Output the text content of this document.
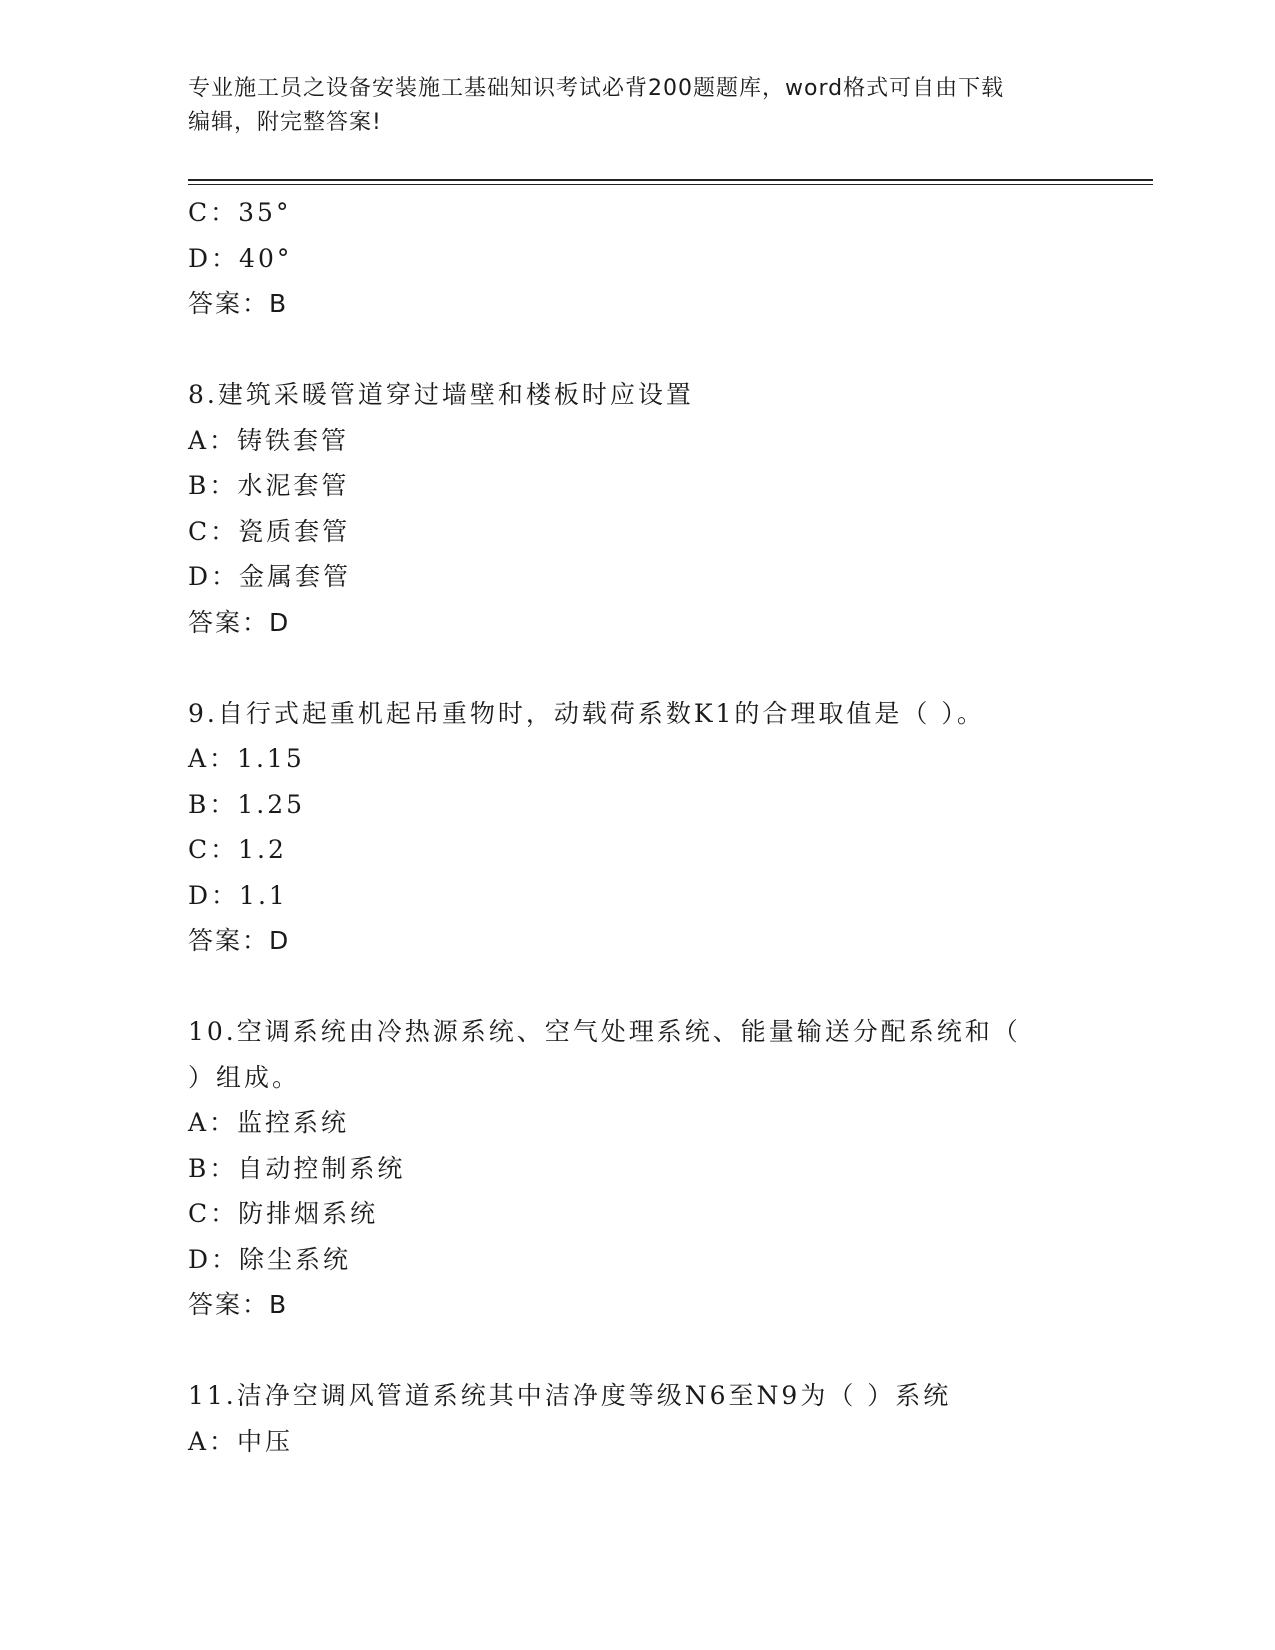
专业施工员之设备安装施工基础知识考试必背200题题库，word格式可自由下载
编辑，附完整答案!
C：35°
D：40°
答案：B
8.建筑采暖管道穿过墙壁和楼板时应设置
A：铸铁套管
B：水泥套管
C：瓷质套管
D：金属套管
答案：D
9.自行式起重机起吊重物时，动载荷系数K1的合理取值是（ ）。
A：1.15
B：1.25
C：1.2
D：1.1
答案：D
10.空调系统由冷热源系统、空气处理系统、能量输送分配系统和（
）组成。
A：监控系统
B：自动控制系统
C：防排烟系统
D：除尘系统
答案：B
11.洁净空调风管道系统其中洁净度等级N6至N9为（ ）系统
A：中压
